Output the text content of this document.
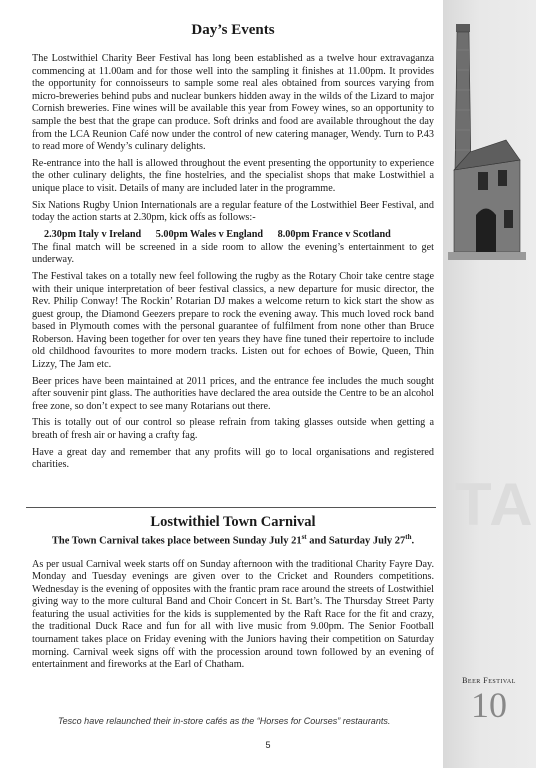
TA
Day’s Events

The Lostwithiel Charity Beer Festival has long been established as a twelve hour extravaganza commencing at 11.00am and for those well into the sampling it finishes at 11.00pm. It provides the opportunity for connoisseurs to sample some real ales obtained from sources varying from micro-breweries behind pubs and nuclear bunkers hidden away in the wilds of the Lizard to major Cornish breweries. Fine wines will be available this year from Fowey wines, so an opportunity to sample the best that the grape can produce. Soft drinks and food are available throughout the day from the LCA Reunion Café now under the control of new catering manager, Wendy. Turn to P.43 to read more of Wendy’s culinary delights.

Re-entrance into the hall is allowed throughout the event presenting the opportunity to experience the other culinary delights, the fine hostelries, and the specialist shops that make Lostwithiel a unique place to visit. Details of many are included later in the programme.

Six Nations Rugby Union Internationals are a regular feature of the Lostwithiel Beer Festival, and today the action starts at 2.30pm, kick offs as follows:-

2.30pm Italy v Ireland 5.00pm Wales v England 8.00pm France v Scotland

The final match will be screened in a side room to allow the evening’s entertainment to get underway.

The Festival takes on a totally new feel following the rugby as the Rotary Choir take centre stage with their unique interpretation of beer festival classics, a new departure for music director, the Rev. Philip Conway! The Rockin’ Rotarian DJ makes a welcome return to kick start the show as guest group, the Diamond Geezers prepare to rock the evening away. This much loved rock band based in Plymouth comes with the personal guarantee of fulfilment from none other than Bruce Roberson. Having been together for over ten years they have fine tuned their repertoire to include old childhood favourites to more modern tracks. Listen out for echoes of Bowie, Queen, Thin Lizzy, The Jam etc.

Beer prices have been maintained at 2011 prices, and the entrance fee includes the much sought after souvenir pint glass. The authorities have declared the area outside the Centre to be an alcohol free zone, so don’t expect to see many Rotarians out there.

This is totally out of our control so please refrain from taking glasses outside when getting a breath of fresh air or having a crafty fag.

Have a great day and remember that any profits will go to local organisations and registered charities.

Lostwithiel Town Carnival
The Town Carnival takes place between Sunday July 21st and Saturday July 27th.

As per usual Carnival week starts off on Sunday afternoon with the traditional Charity Fayre Day. Monday and Tuesday evenings are given over to the Cricket and Rounders competitions. Wednesday is the evening of opposites with the frantic pram race around the streets of Lostwithiel giving way to the more cultural Band and Choir Concert in St. Bart’s. The Thursday Street Party featuring the usual activities for the kids is supplemented by the Raft Race for the fit and crazy, the traditional Duck Race and fun for all with live music from 9.00pm. The Senior Football tournament takes place on Friday evening with the Juniors having their competition on Saturday morning. Carnival week signs off with the procession around town followed by an evening of entertainment and fireworks at the Earl of Chatham.

Beer Festival
10
Tesco have relaunched their in-store cafés as the “Horses for Courses” restaurants.
5
